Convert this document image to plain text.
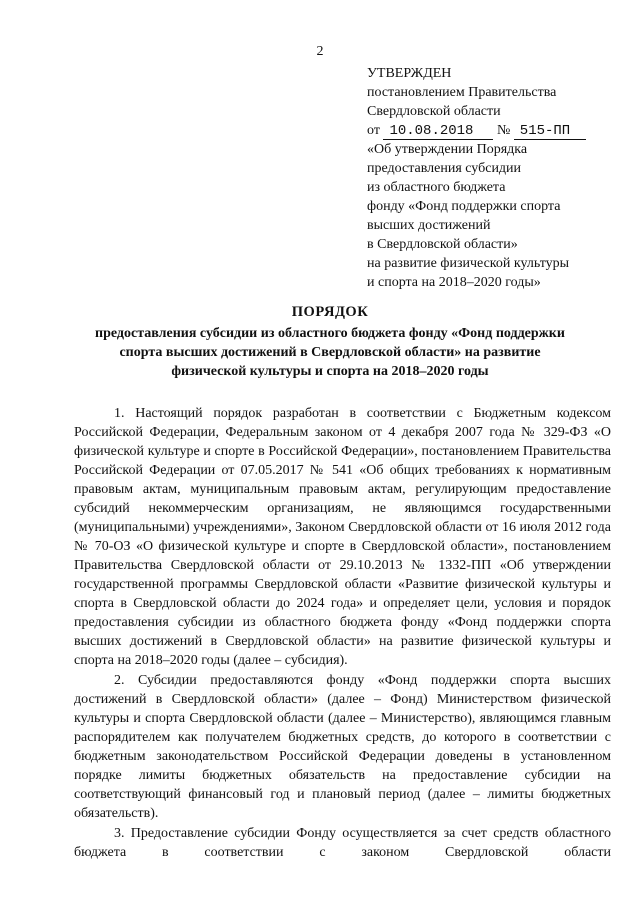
2
УТВЕРЖДЕН
постановлением Правительства
Свердловской области
от 10.08.2018 № 515-ПП
«Об утверждении Порядка
предоставления субсидии
из областного бюджета
фонду «Фонд поддержки спорта
высших достижений
в Свердловской области»
на развитие физической культуры
и спорта на 2018–2020 годы»
ПОРЯДОК
предоставления субсидии из областного бюджета фонду «Фонд поддержки
спорта высших достижений в Свердловской области» на развитие
физической культуры и спорта на 2018–2020 годы

1. Настоящий порядок разработан в соответствии с Бюджетным кодексом Российской Федерации, Федеральным законом от 4 декабря 2007 года № 329-ФЗ «О физической культуре и спорте в Российской Федерации», постановлением Правительства Российской Федерации от 07.05.2017 № 541 «Об общих требованиях к нормативным правовым актам, муниципальным правовым актам, регулирующим предоставление субсидий некоммерческим организациям, не являющимся государственными (муниципальными) учреждениями», Законом Свердловской области от 16 июля 2012 года № 70-ОЗ «О физической культуре и спорте в Свердловской области», постановлением Правительства Свердловской области от 29.10.2013 № 1332-ПП «Об утверждении государственной программы Свердловской области «Развитие физической культуры и спорта в Свердловской области до 2024 года» и определяет цели, условия и порядок предоставления субсидии из областного бюджета фонду «Фонд поддержки спорта высших достижений в Свердловской области» на развитие физической культуры и спорта на 2018–2020 годы (далее – субсидия).

2. Субсидии предоставляются фонду «Фонд поддержки спорта высших достижений в Свердловской области» (далее – Фонд) Министерством физической культуры и спорта Свердловской области (далее – Министерство), являющимся главным распорядителем как получателем бюджетных средств, до которого в соответствии с бюджетным законодательством Российской Федерации доведены в установленном порядке лимиты бюджетных обязательств на предоставление субсидии на соответствующий финансовый год и плановый период (далее – лимиты бюджетных обязательств).

3. Предоставление субсидии Фонду осуществляется за счет средств областного бюджета в соответствии с законом Свердловской области
